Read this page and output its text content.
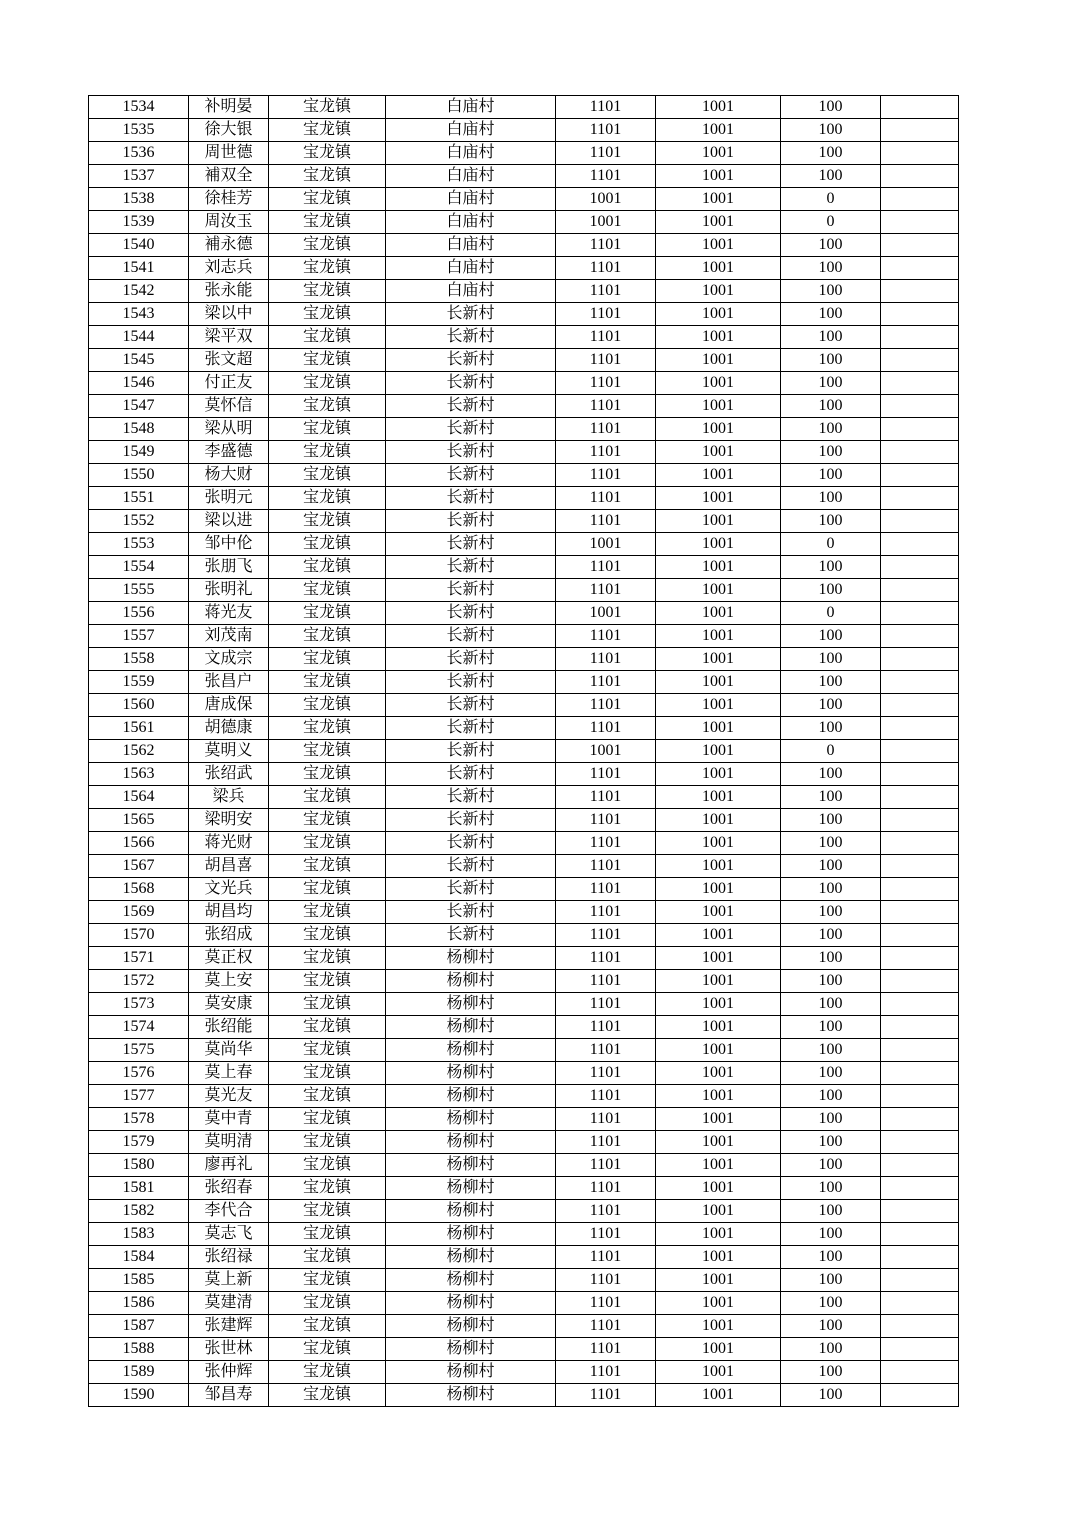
1534	补明晏	宝龙镇	白庙村	1101	1001	100	
1535	徐大银	宝龙镇	白庙村	1101	1001	100	
1536	周世德	宝龙镇	白庙村	1101	1001	100	
1537	補双全	宝龙镇	白庙村	1101	1001	100	
1538	徐桂芳	宝龙镇	白庙村	1001	1001	0	
1539	周汝玉	宝龙镇	白庙村	1001	1001	0	
1540	補永德	宝龙镇	白庙村	1101	1001	100	
1541	刘志兵	宝龙镇	白庙村	1101	1001	100	
1542	张永能	宝龙镇	白庙村	1101	1001	100	
1543	梁以中	宝龙镇	长新村	1101	1001	100	
1544	梁平双	宝龙镇	长新村	1101	1001	100	
1545	张文超	宝龙镇	长新村	1101	1001	100	
1546	付正友	宝龙镇	长新村	1101	1001	100	
1547	莫怀信	宝龙镇	长新村	1101	1001	100	
1548	梁从明	宝龙镇	长新村	1101	1001	100	
1549	李盛德	宝龙镇	长新村	1101	1001	100	
1550	杨大财	宝龙镇	长新村	1101	1001	100	
1551	张明元	宝龙镇	长新村	1101	1001	100	
1552	梁以进	宝龙镇	长新村	1101	1001	100	
1553	邹中伦	宝龙镇	长新村	1001	1001	0	
1554	张朋飞	宝龙镇	长新村	1101	1001	100	
1555	张明礼	宝龙镇	长新村	1101	1001	100	
1556	蒋光友	宝龙镇	长新村	1001	1001	0	
1557	刘茂南	宝龙镇	长新村	1101	1001	100	
1558	文成宗	宝龙镇	长新村	1101	1001	100	
1559	张昌户	宝龙镇	长新村	1101	1001	100	
1560	唐成保	宝龙镇	长新村	1101	1001	100	
1561	胡德康	宝龙镇	长新村	1101	1001	100	
1562	莫明义	宝龙镇	长新村	1001	1001	0	
1563	张绍武	宝龙镇	长新村	1101	1001	100	
1564	梁兵	宝龙镇	长新村	1101	1001	100	
1565	梁明安	宝龙镇	长新村	1101	1001	100	
1566	蒋光财	宝龙镇	长新村	1101	1001	100	
1567	胡昌喜	宝龙镇	长新村	1101	1001	100	
1568	文光兵	宝龙镇	长新村	1101	1001	100	
1569	胡昌均	宝龙镇	长新村	1101	1001	100	
1570	张绍成	宝龙镇	长新村	1101	1001	100	
1571	莫正权	宝龙镇	杨柳村	1101	1001	100	
1572	莫上安	宝龙镇	杨柳村	1101	1001	100	
1573	莫安康	宝龙镇	杨柳村	1101	1001	100	
1574	张绍能	宝龙镇	杨柳村	1101	1001	100	
1575	莫尚华	宝龙镇	杨柳村	1101	1001	100	
1576	莫上春	宝龙镇	杨柳村	1101	1001	100	
1577	莫光友	宝龙镇	杨柳村	1101	1001	100	
1578	莫中青	宝龙镇	杨柳村	1101	1001	100	
1579	莫明清	宝龙镇	杨柳村	1101	1001	100	
1580	廖再礼	宝龙镇	杨柳村	1101	1001	100	
1581	张绍春	宝龙镇	杨柳村	1101	1001	100	
1582	李代合	宝龙镇	杨柳村	1101	1001	100	
1583	莫志飞	宝龙镇	杨柳村	1101	1001	100	
1584	张绍禄	宝龙镇	杨柳村	1101	1001	100	
1585	莫上新	宝龙镇	杨柳村	1101	1001	100	
1586	莫建清	宝龙镇	杨柳村	1101	1001	100	
1587	张建辉	宝龙镇	杨柳村	1101	1001	100	
1588	张世林	宝龙镇	杨柳村	1101	1001	100	
1589	张仲辉	宝龙镇	杨柳村	1101	1001	100	
1590	邹昌寿	宝龙镇	杨柳村	1101	1001	100	
